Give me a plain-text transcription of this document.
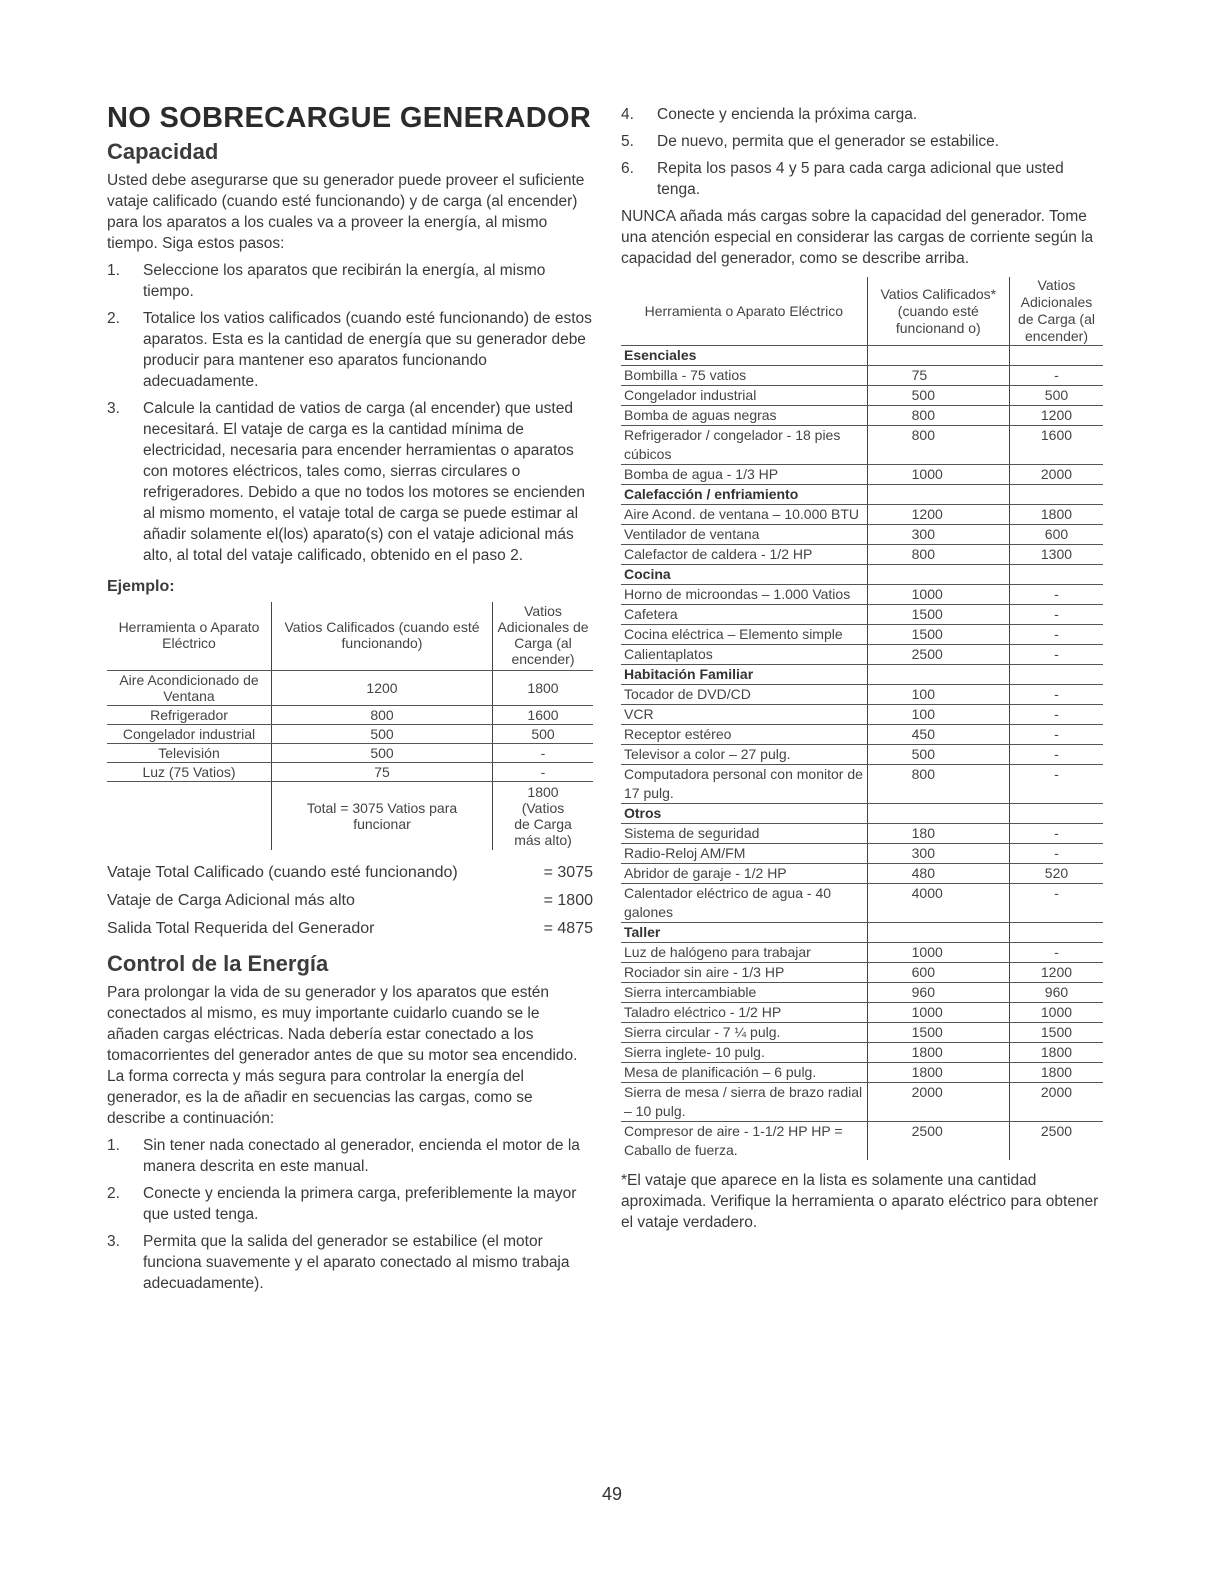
NO SOBRECARGUE GENERADOR
Capacidad

Usted debe asegurarse que su generador puede proveer el suficiente vataje calificado (cuando esté funcionando) y de carga (al encender) para los aparatos a los cuales va a proveer la energía, al mismo tiempo. Siga estos pasos:

1. Seleccione los aparatos que recibirán la energía, al mismo tiempo.
2. Totalice los vatios calificados (cuando esté funcionando) de estos aparatos. Esta es la cantidad de energía que su generador debe producir para mantener eso aparatos funcionando adecuadamente.
3. Calcule la cantidad de vatios de carga (al encender) que usted necesitará. El vataje de carga es la cantidad mínima de electricidad, necesaria para encender herramientas o aparatos con motores eléctricos, tales como, sierras circulares o refrigeradores. Debido a que no todos los motores se encienden al mismo momento, el vataje total de carga se puede estimar al añadir solamente el(los) aparato(s) con el vataje adicional más alto, al total del vataje calificado, obtenido en el paso 2.
Ejemplo:
Herramienta o Aparato Eléctrico	Vatios Calificados (cuando esté funcionando)	Vatios Adicionales de Carga (al encender)
Aire Acondicionado de Ventana	1200	1800
Refrigerador	800	1600
Congelador industrial	500	500
Televisión	500	-
Luz (75 Vatios)	75	-
	Total = 3075 Vatios para funcionar	1800 (Vatios de Carga más alto)
Vataje Total Calificado (cuando esté funcionando)	= 3075
Vataje de Carga Adicional más alto	= 1800
Salida Total Requerida del Generador	= 4875
Control de la Energía

Para prolongar la vida de su generador y los aparatos que estén conectados al mismo, es muy importante cuidarlo cuando se le añaden cargas eléctricas. Nada debería estar conectado a los tomacorrientes del generador antes de que su motor sea encendido. La forma correcta y más segura para controlar la energía del generador, es la de añadir en secuencias las cargas, como se describe a continuación:

1. Sin tener nada conectado al generador, encienda el motor de la manera descrita en este manual.
2. Conecte y encienda la primera carga, preferiblemente la mayor que usted tenga.
3. Permita que la salida del generador se estabilice (el motor funciona suavemente y el aparato conectado al mismo trabaja adecuadamente).
4. Conecte y encienda la próxima carga.
5. De nuevo, permita que el generador se estabilice.
6. Repita los pasos 4 y 5 para cada carga adicional que usted tenga.

NUNCA añada más cargas sobre la capacidad del generador. Tome una atención especial en considerar las cargas de corriente según la capacidad del generador, como se describe arriba.

Herramienta o Aparato Eléctrico	Vatios Calificados* (cuando esté funcionand o)	Vatios Adicionales de Carga (al encender)
Esenciales		
Bombilla - 75 vatios	75	-
Congelador industrial	500	500
Bomba de aguas negras	800	1200
Refrigerador / congelador - 18 pies cúbicos	800	1600
Bomba de agua - 1/3 HP	1000	2000
Calefacción / enfriamiento		
Aire Acond. de ventana – 10.000 BTU	1200	1800
Ventilador de ventana	300	600
Calefactor de caldera - 1/2 HP	800	1300
Cocina		
Horno de microondas – 1.000 Vatios	1000	-
Cafetera	1500	-
Cocina eléctrica – Elemento simple	1500	-
Calientaplatos	2500	-
Habitación Familiar		
Tocador de DVD/CD	100	-
VCR	100	-
Receptor estéreo	450	-
Televisor a color – 27 pulg.	500	-
Computadora personal con monitor de 17 pulg.	800	-
Otros		
Sistema de seguridad	180	-
Radio-Reloj AM/FM	300	-
Abridor de garaje - 1/2 HP	480	520
Calentador eléctrico de agua - 40 galones	4000	-
Taller		
Luz de halógeno para trabajar	1000	-
Rociador sin aire - 1/3 HP	600	1200
Sierra intercambiable	960	960
Taladro eléctrico - 1/2 HP	1000	1000
Sierra circular - 7 ¼ pulg.	1500	1500
Sierra inglete- 10 pulg.	1800	1800
Mesa de planificación – 6 pulg.	1800	1800
Sierra de mesa / sierra de brazo radial – 10 pulg.	2000	2000
Compresor de aire - 1-1/2 HP HP = Caballo de fuerza.	2500	2500

*El vataje que aparece en la lista es solamente una cantidad aproximada. Verifique la herramienta o aparato eléctrico para obtener el vataje verdadero.

49
